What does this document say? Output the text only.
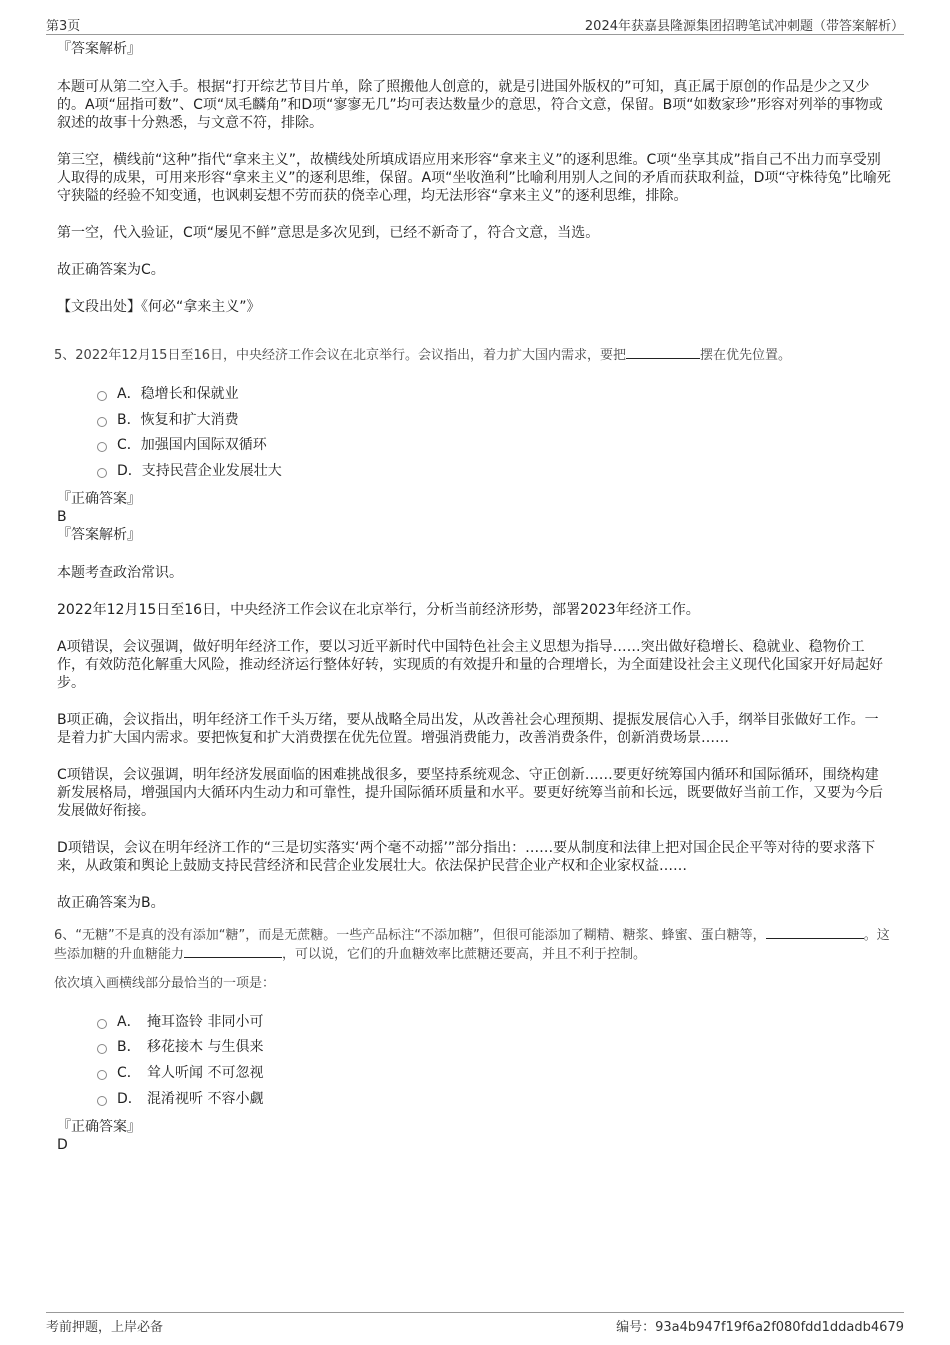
第3页	2024年获嘉县隆源集团招聘笔试冲刺题（带答案解析）
『答案解析』

本题可从第二空入手。根据“打开综艺节目片单，除了照搬他人创意的，就是引进国外版权的”可知，真正属于原创的作品是少之又少的。A项“屈指可数”、C项“凤毛麟角”和D项“寥寥无几”均可表达数量少的意思，符合文意，保留。B项“如数家珍”形容对列举的事物或叙述的故事十分熟悉，与文意不符，排除。

第三空，横线前“这种”指代“拿来主义”，故横线处所填成语应用来形容“拿来主义”的逐利思维。C项“坐享其成”指自己不出力而享受别人取得的成果，可用来形容“拿来主义”的逐利思维，保留。A项“坐收渔利”比喻利用别人之间的矛盾而获取利益，D项“守株待兔”比喻死守狭隘的经验不知变通，也讽刺妄想不劳而获的侥幸心理，均无法形容“拿来主义”的逐利思维，排除。

第一空，代入验证，C项“屡见不鲜”意思是多次见到，已经不新奇了，符合文意，当选。

故正确答案为C。

【文段出处】《何必“拿来主义”》

5、2022年12月15日至16日，中央经济工作会议在北京举行。会议指出，着力扩大国内需求，要把	摆在优先位置。
A． 稳增长和保就业
B． 恢复和扩大消费
C． 加强国内国际双循环
D． 支持民营企业发展壮大
『正确答案』
B
『答案解析』

本题考查政治常识。

2022年12月15日至16日，中央经济工作会议在北京举行，分析当前经济形势，部署2023年经济工作。

A项错误，会议强调，做好明年经济工作，要以习近平新时代中国特色社会主义思想为指导……突出做好稳增长、稳就业、稳物价工作，有效防范化解重大风险，推动经济运行整体好转，实现质的有效提升和量的合理增长，为全面建设社会主义现代化国家开好局起好步。

B项正确，会议指出，明年经济工作千头万绪，要从战略全局出发，从改善社会心理预期、提振发展信心入手，纲举目张做好工作。一是着力扩大国内需求。要把恢复和扩大消费摆在优先位置。增强消费能力，改善消费条件，创新消费场景……

C项错误，会议强调，明年经济发展面临的困难挑战很多，要坚持系统观念、守正创新……要更好统筹国内循环和国际循环，围绕构建新发展格局，增强国内大循环内生动力和可靠性，提升国际循环质量和水平。要更好统筹当前和长远，既要做好当前工作，又要为今后发展做好衔接。

D项错误，会议在明年经济工作的“三是切实落实‘两个毫不动摇’”部分指出：……要从制度和法律上把对国企民企平等对待的要求落下来，从政策和舆论上鼓励支持民营经济和民营企业发展壮大。依法保护民营企业产权和企业家权益……

故正确答案为B。

6、“无糖”不是真的没有添加“糖”，而是无蔗糖。一些产品标注“不添加糖”，但很可能添加了糊精、糖浆、蜂蜜、蛋白糖等，	。这些添加糖的升血糖能力	，可以说，它们的升血糖效率比蔗糖还要高，并且不利于控制。
依次填入画横线部分最恰当的一项是：
A． 掩耳盗铃 非同小可
B． 移花接木 与生俱来
C． 耸人听闻 不可忽视
D． 混淆视听 不容小觑
『正确答案』
D
考前押题，上岸必备	编号：93a4b947f19f6a2f080fdd1ddadb4679
